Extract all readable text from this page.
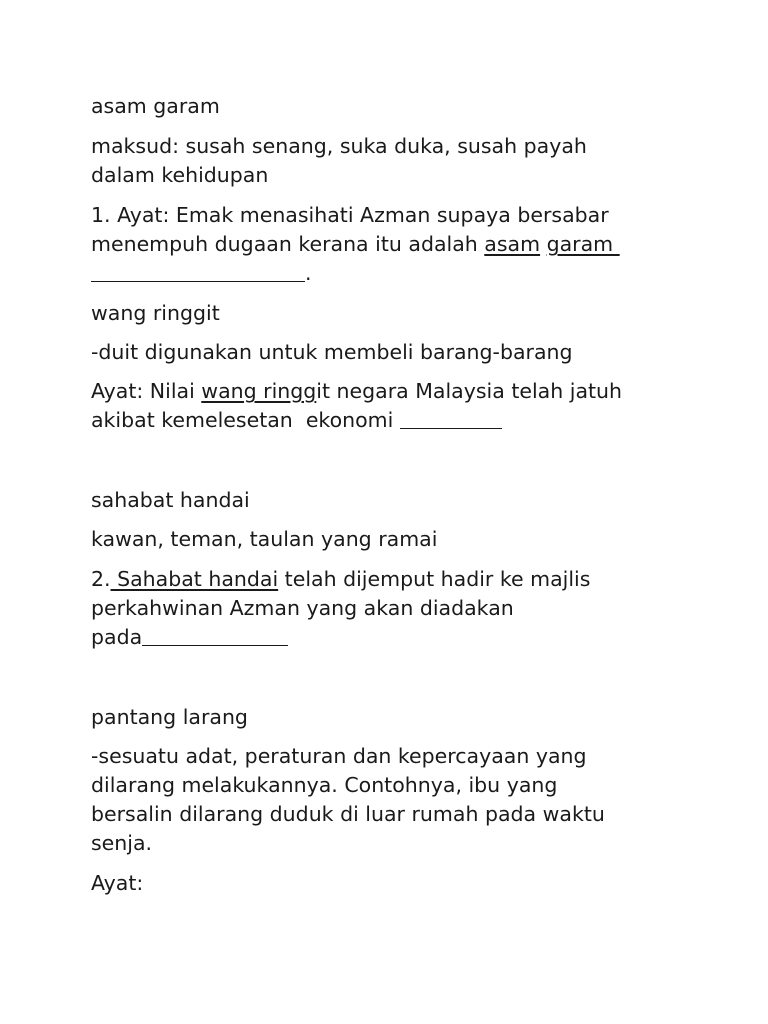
asam garam

maksud: susah senang, suka duka, susah payah

dalam kehidupan

1. Ayat: Emak menasihati Azman supaya bersabar

menempuh dugaan kerana itu adalah asam garam

.

wang ringgit

-duit digunakan untuk membeli barang-barang

Ayat: Nilai wang ringgit negara Malaysia telah jatuh

akibat kemelesetan  ekonomi

sahabat handai

kawan, teman, taulan yang ramai

2. Sahabat handai telah dijemput hadir ke majlis

perkahwinan Azman yang akan diadakan

pada

pantang larang

-sesuatu adat, peraturan dan kepercayaan yang

dilarang melakukannya. Contohnya, ibu yang

bersalin dilarang duduk di luar rumah pada waktu

senja.

Ayat:
